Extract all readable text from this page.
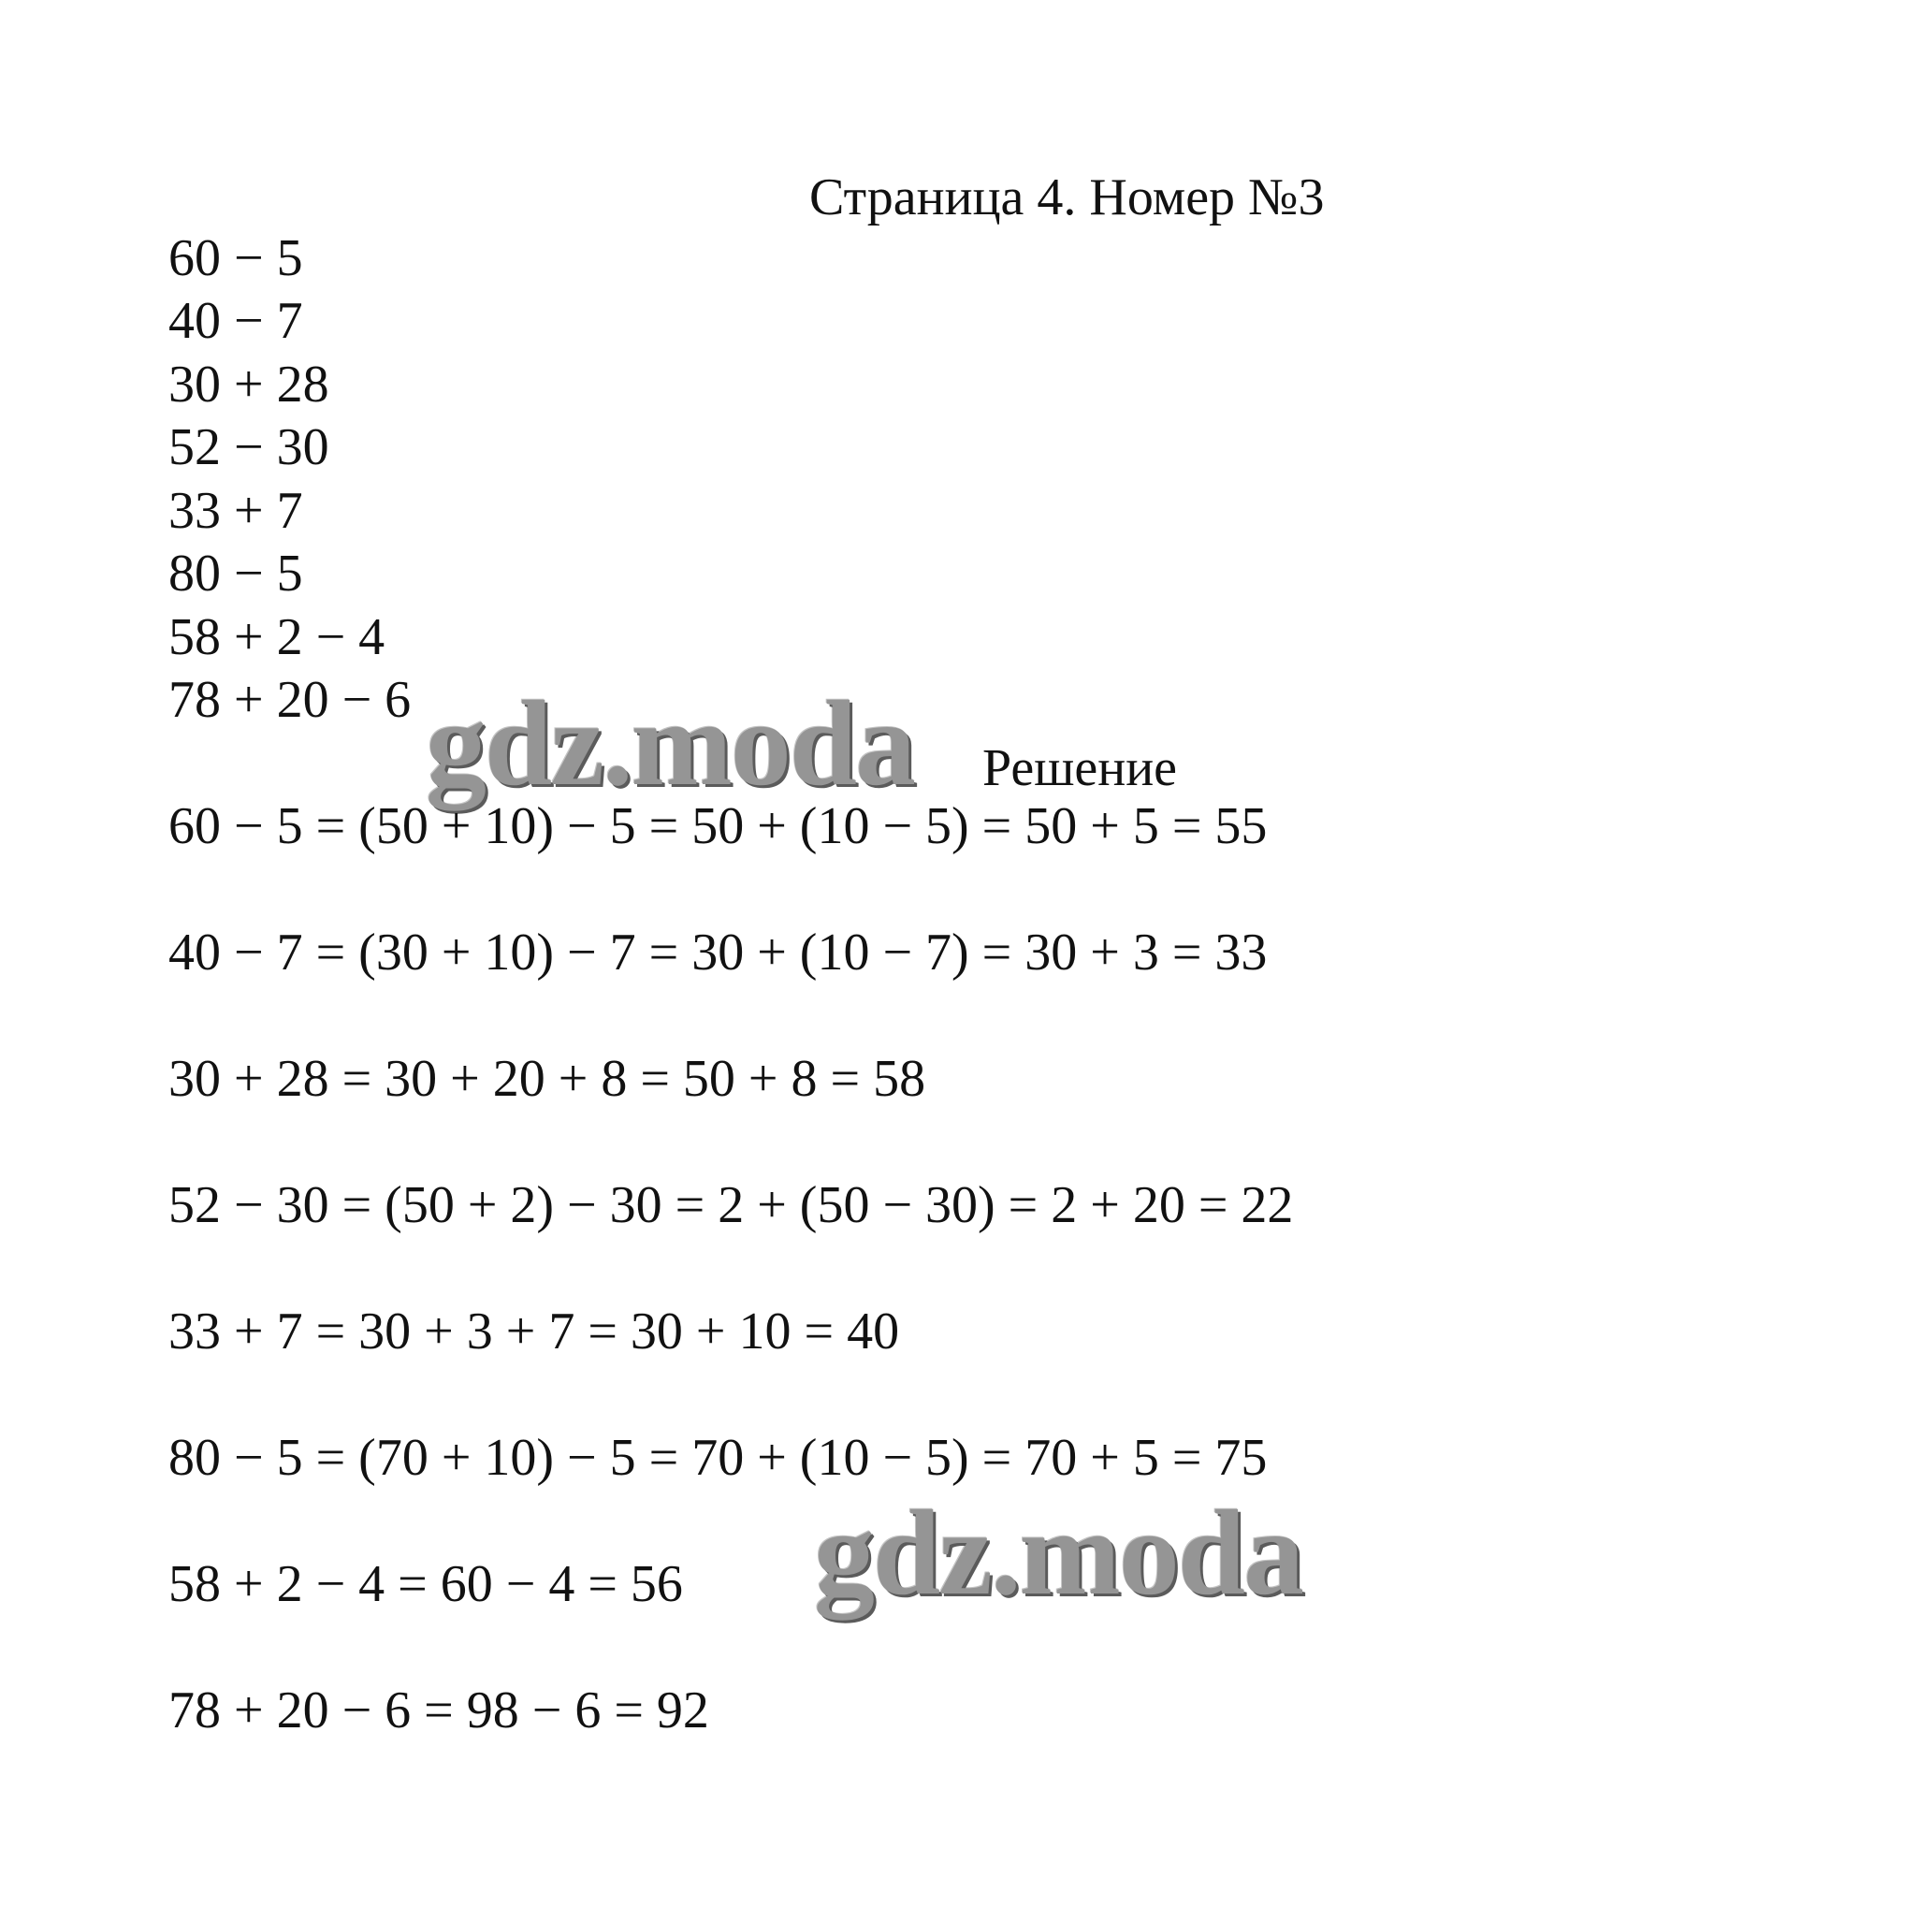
Страница 4. Номер №3
60 − 5
40 − 7
30 + 28
52 − 30
33 + 7
80 − 5
58 + 2 − 4
78 + 20 − 6 gdz.moda Решение
60 − 5 = (50 + 10) − 5 = 50 + (10 − 5) = 50 + 5 = 55
40 − 7 = (30 + 10) − 7 = 30 + (10 − 7) = 30 + 3 = 33
30 + 28 = 30 + 20 + 8 = 50 + 8 = 58
52 − 30 = (50 + 2) − 30 = 2 + (50 − 30) = 2 + 20 = 22
33 + 7 = 30 + 3 + 7 = 30 + 10 = 40
80 − 5 = (70 + 10) − 5 = 70 + (10 − 5) = 70 + 5 = 75
58 + 2 − 4 = 60 − 4 = 56
78 + 20 − 6 = 98 − 6 = 92
gdz.moda
